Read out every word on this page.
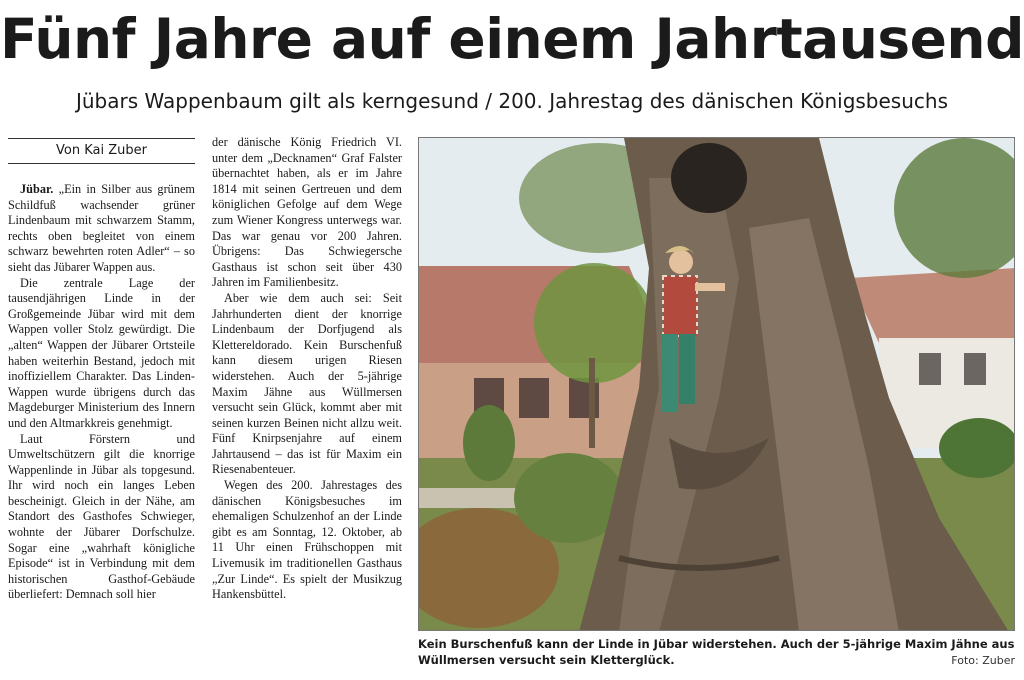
Fünf Jahre auf einem Jahrtausend
Jübars Wappenbaum gilt als kerngesund / 200. Jahrestag des dänischen Königsbesuchs
Von Kai Zuber

Jübar. „Ein in Silber aus grünem Schildfuß wachsender grüner Lindenbaum mit schwarzem Stamm, rechts oben begleitet von einem schwarz bewehrten roten Adler“ – so sieht das Jübarer Wappen aus.

Die zentrale Lage der tausendjährigen Linde in der Großgemeinde Jübar wird mit dem Wappen voller Stolz gewürdigt. Die „alten“ Wappen der Jübarer Ortsteile haben weiterhin Bestand, jedoch mit inoffiziellem Charakter. Das Linden-Wappen wurde übrigens durch das Magdeburger Ministerium des Innern und den Altmarkkreis genehmigt.

Laut Förstern und Umweltschützern gilt die knorrige Wappenlinde in Jübar als topgesund. Ihr wird noch ein langes Leben bescheinigt. Gleich in der Nähe, am Standort des Gasthofes Schwieger, wohnte der Jübarer Dorfschulze. Sogar eine „wahrhaft königliche Episode“ ist in Verbindung mit dem historischen Gasthof-Gebäude überliefert: Demnach soll hier

der dänische König Friedrich VI. unter dem „Decknamen“ Graf Falster übernachtet haben, als er im Jahre 1814 mit seinen Gertreuen und dem königlichen Gefolge auf dem Wege zum Wiener Kongress unterwegs war. Das war genau vor 200 Jahren. Übrigens: Das Schwiegersche Gasthaus ist schon seit über 430 Jahren im Familienbesitz.

Aber wie dem auch sei: Seit Jahrhunderten dient der knorrige Lindenbaum der Dorfjugend als Klettereldorado. Kein Burschenfuß kann diesem urigen Riesen widerstehen. Auch der 5-jährige Maxim Jähne aus Wüllmersen versucht sein Glück, kommt aber mit seinen kurzen Beinen nicht allzu weit. Fünf Knirpsenjahre auf einem Jahrtausend – das ist für Maxim ein Riesenabenteuer.

Wegen des 200. Jahrestages des dänischen Königsbesuches im ehemaligen Schulzenhof an der Linde gibt es am Sonntag, 12. Oktober, ab 11 Uhr einen Frühschoppen mit Livemusik im traditionellen Gasthaus „Zur Linde“. Es spielt der Musikzug Hankensbüttel.

Kein Burschenfuß kann der Linde in Jübar widerstehen. Auch der 5-jährige Maxim Jähne aus Wüllmersen versucht sein Kletterglück.	Foto: Zuber
